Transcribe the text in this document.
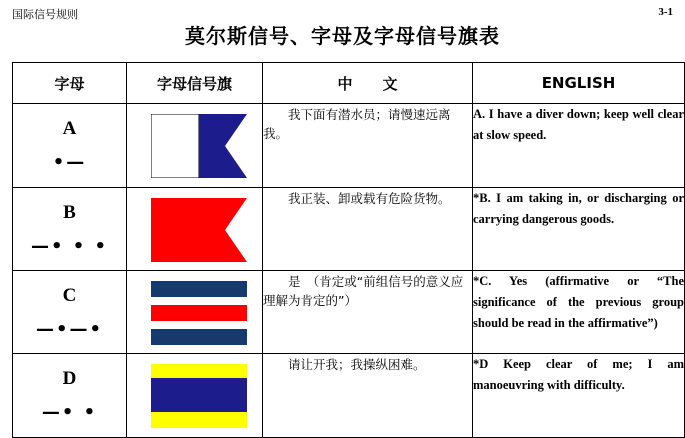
国际信号规则	3-1
莫尔斯信号、字母及字母信号旗表
字母	字母信号旗	中　　文	ENGLISH

A
•—		我下面有潜水员；请慢速远离我。	A. I have a diver down; keep well clear at slow speed.

B
—• • •		我正装、卸或载有危险货物。	*B. I am taking in, or discharging or carrying dangerous goods.

C
—•—•		是　（肯定或“前组信号的意义应理解为肯定的”）	*C. Yes (affirmative or “The significance of the previous group should be read in the affirmative”)

D
—• •		请让开我；我操纵困难。	*D Keep clear of me; I am manoeuvring with difficulty.
